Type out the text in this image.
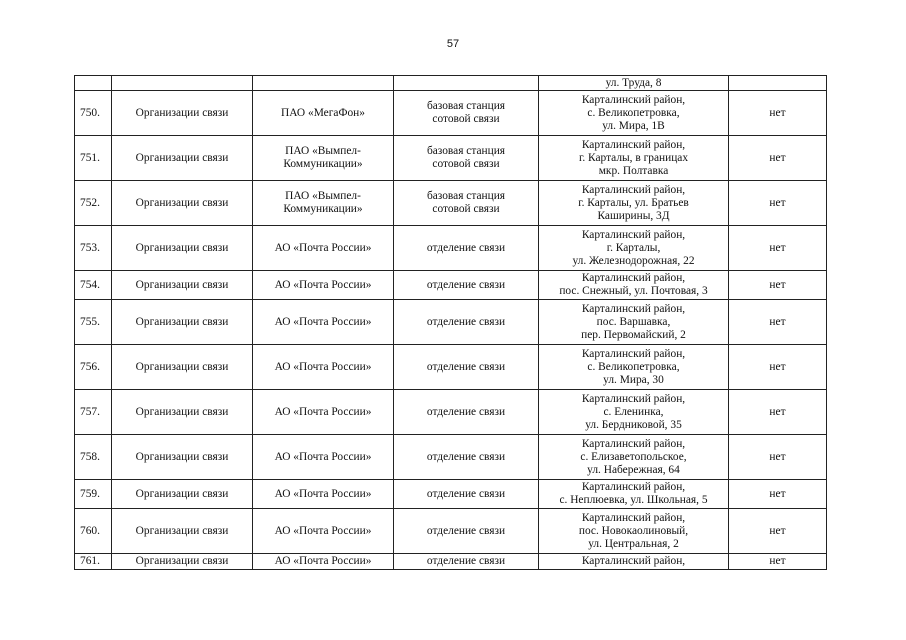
57

				ул. Труда, 8	

750.	Организации связи	ПАО «МегаФон»	базовая станция
сотовой связи	Карталинский район,
с. Великопетровка,
ул. Мира, 1В	нет
751.	Организации связи	ПАО «Вымпел-
Коммуникации»	базовая станция
сотовой связи	Карталинский район,
г. Карталы, в границах
мкр. Полтавка	нет
752.	Организации связи	ПАО «Вымпел-
Коммуникации»	базовая станция
сотовой связи	Карталинский район,
г. Карталы, ул. Братьев
Каширины, 3Д	нет
753.	Организации связи	АО «Почта России»	отделение связи	Карталинский район,
г. Карталы,
ул. Железнодорожная, 22	нет
754.	Организации связи	АО «Почта России»	отделение связи	Карталинский район,
пос. Снежный, ул. Почтовая, 3	нет
755.	Организации связи	АО «Почта России»	отделение связи	Карталинский район,
пос. Варшавка,
пер. Первомайский, 2	нет
756.	Организации связи	АО «Почта России»	отделение связи	Карталинский район,
с. Великопетровка,
ул. Мира, 30	нет
757.	Организации связи	АО «Почта России»	отделение связи	Карталинский район,
с. Еленинка,
ул. Бердниковой, 35	нет
758.	Организации связи	АО «Почта России»	отделение связи	Карталинский район,
с. Елизаветопольское,
ул. Набережная, 64	нет
759.	Организации связи	АО «Почта России»	отделение связи	Карталинский район,
с. Неплюевка, ул. Школьная, 5	нет
760.	Организации связи	АО «Почта России»	отделение связи	Карталинский район,
пос. Новокаолиновый,
ул. Центральная, 2	нет
761.	Организации связи	АО «Почта России»	отделение связи	Карталинский район,	нет
